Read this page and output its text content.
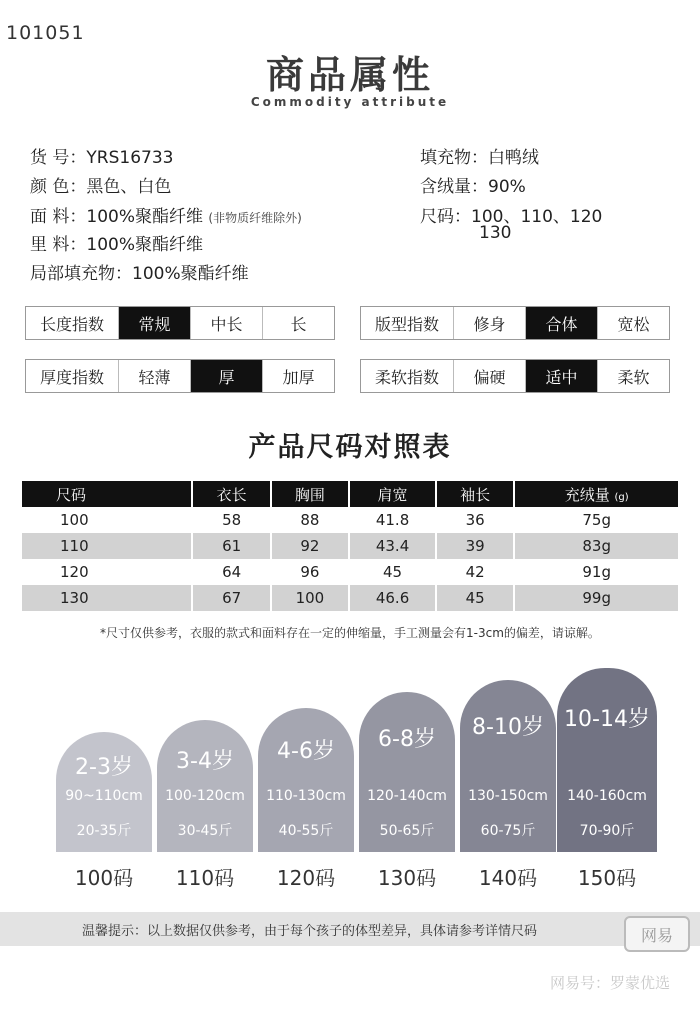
101051
商品属性
Commodity attribute
货 号：YRS16733
颜 色：黑色、白色
面 料：100%聚酯纤维 (非物质纤维除外)
里 料：100%聚酯纤维
局部填充物：100%聚酯纤维
填充物：白鸭绒
含绒量：90%
尺码：100、110、120
130
长度指数	常规	中长	长	版型指数	修身	合体	宽松
厚度指数	轻薄	厚	加厚	柔软指数	偏硬	适中	柔软
产品尺码对照表
尺码	衣长	胸围	肩宽	袖长	充绒量 (g)
100	58	88	41.8	36	75g
110	61	92	43.4	39	83g
120	64	96	45	42	91g
130	67	100	46.6	45	99g
*尺寸仅供参考，衣服的款式和面料存在一定的伸缩量，手工测量会有1-3cm的偏差，请谅解。
2-3岁
90~110cm
20-35斤
3-4岁
100-120cm
30-45斤
4-6岁
110-130cm
40-55斤
6-8岁
120-140cm
50-65斤
8-10岁
130-150cm
60-75斤
10-14岁
140-160cm
70-90斤
100码	110码	120码	130码	140码	150码
温馨提示：以上数据仅供参考，由于每个孩子的体型差异，具体请参考详情尺码	网易
网易号：罗蒙优选
